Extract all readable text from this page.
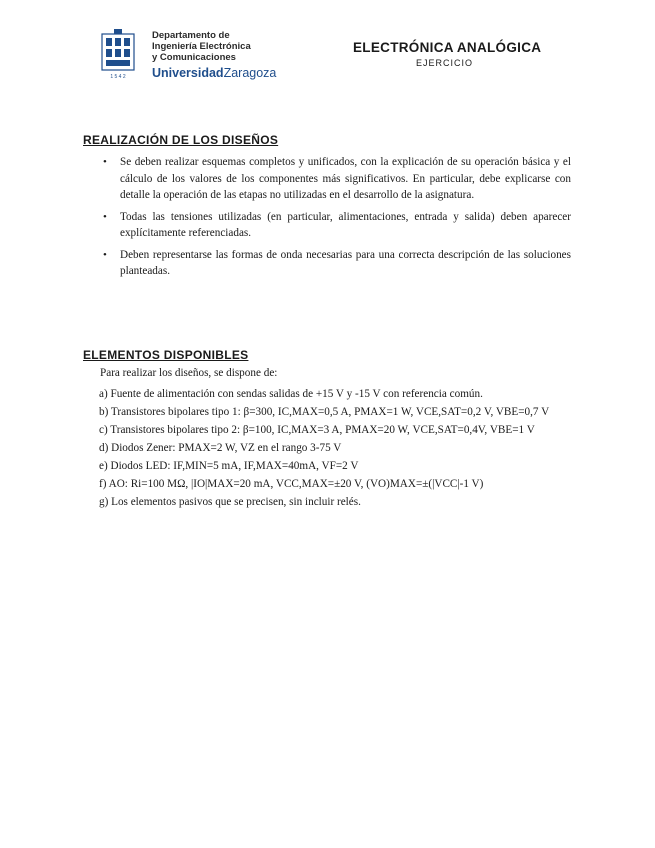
1 5 4 2
Departamento de
Ingeniería Electrónica
y Comunicaciones
UniversidadZaragoza
ELECTRÓNICA ANALÓGICA
EJERCICIO
REALIZACIÓN DE LOS DISEÑOS
• Se deben realizar esquemas completos y unificados, con la explicación de su operación básica y el cálculo de los valores de los componentes más significativos. En particular, debe explicarse con detalle la operación de las etapas no utilizadas en el desarrollo de la asignatura.
• Todas las tensiones utilizadas (en particular, alimentaciones, entrada y salida) deben aparecer explícitamente referenciadas.
• Deben representarse las formas de onda necesarias para una correcta descripción de las soluciones planteadas.
ELEMENTOS DISPONIBLES
Para realizar los diseños, se dispone de:
a) Fuente de alimentación con sendas salidas de +15 V y -15 V con referencia común.
b) Transistores bipolares tipo 1: β=300, IC,MAX=0,5 A, PMAX=1 W, VCE,SAT=0,2 V, VBE=0,7 V
c) Transistores bipolares tipo 2: β=100, IC,MAX=3 A, PMAX=20 W, VCE,SAT=0,4V, VBE=1 V
d) Diodos Zener: PMAX=2 W, VZ en el rango 3-75 V
e) Diodos LED: IF,MIN=5 mA, IF,MAX=40mA, VF=2 V
f) AO: Ri=100 MΩ, |IO|MAX=20 mA, VCC,MAX=±20 V, (VO)MAX=±(|VCC|-1 V)
g) Los elementos pasivos que se precisen, sin incluir relés.
